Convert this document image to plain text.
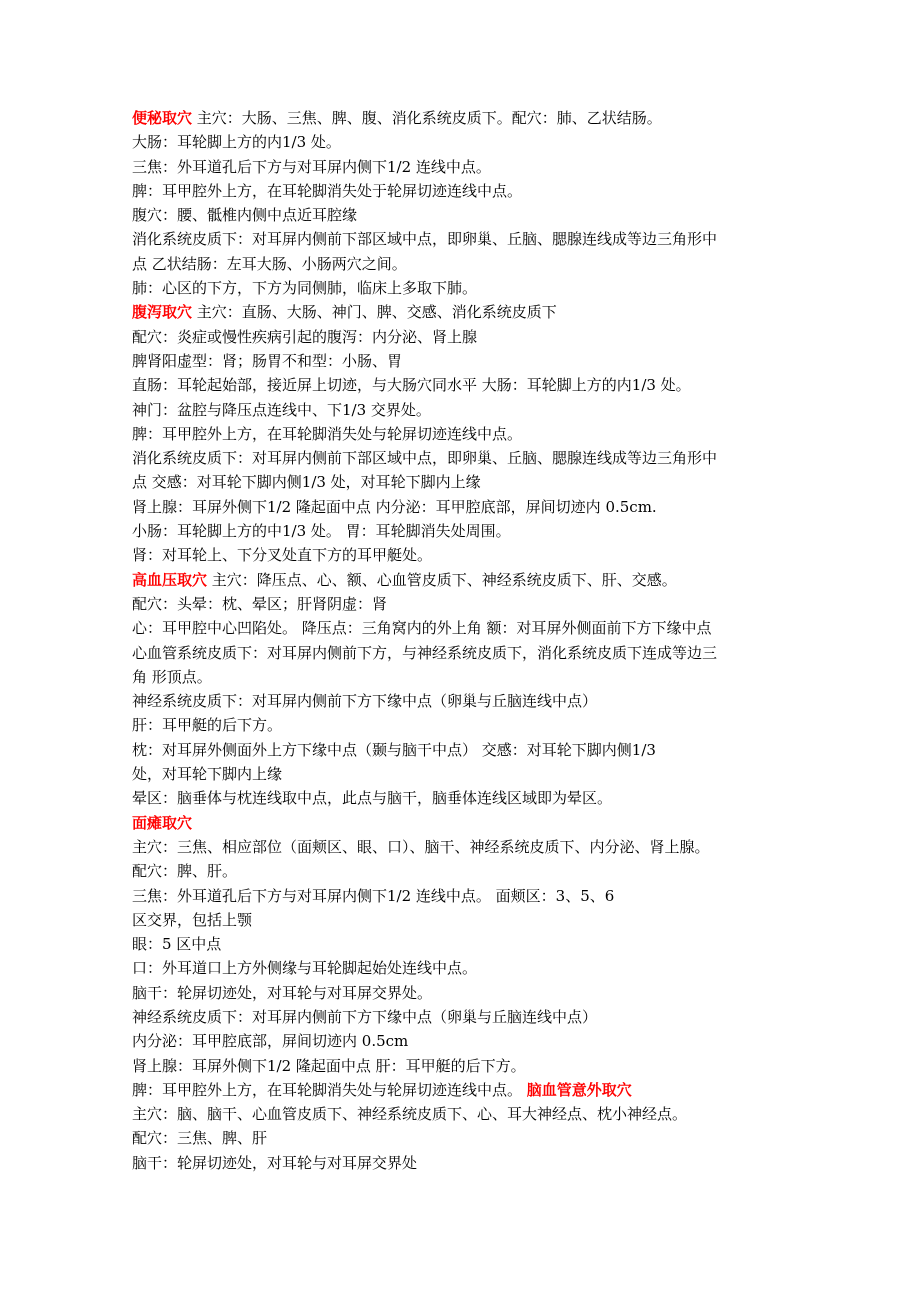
便秘取穴 主穴：大肠、三焦、脾、腹、消化系统皮质下。配穴：肺、乙状结肠。
大肠：耳轮脚上方的内1/3 处。
三焦：外耳道孔后下方与对耳屏内侧下1/2 连线中点。
脾：耳甲腔外上方，在耳轮脚消失处于轮屏切迹连线中点。
腹穴：腰、骶椎内侧中点近耳腔缘
消化系统皮质下：对耳屏内侧前下部区域中点，即卵巢、丘脑、腮腺连线成等边三角形中
点 乙状结肠：左耳大肠、小肠两穴之间。
肺：心区的下方，下方为同侧肺，临床上多取下肺。
腹泻取穴 主穴：直肠、大肠、神门、脾、交感、消化系统皮质下
配穴：炎症或慢性疾病引起的腹泻：内分泌、肾上腺
脾肾阳虚型：肾；肠胃不和型：小肠、胃
直肠：耳轮起始部，接近屏上切迹，与大肠穴同水平 大肠：耳轮脚上方的内1/3 处。
神门：盆腔与降压点连线中、下1/3 交界处。
脾：耳甲腔外上方，在耳轮脚消失处与轮屏切迹连线中点。
消化系统皮质下：对耳屏内侧前下部区域中点，即卵巢、丘脑、腮腺连线成等边三角形中
点 交感：对耳轮下脚内侧1/3 处，对耳轮下脚内上缘
肾上腺：耳屏外侧下1/2 隆起面中点 内分泌：耳甲腔底部，屏间切迹内 0.5cm.
小肠：耳轮脚上方的中1/3 处。 胃：耳轮脚消失处周围。
肾：对耳轮上、下分叉处直下方的耳甲艇处。
高血压取穴 主穴：降压点、心、额、心血管皮质下、神经系统皮质下、肝、交感。
配穴：头晕：枕、晕区；肝肾阴虚：肾
心：耳甲腔中心凹陷处。 降压点：三角窝内的外上角 额：对耳屏外侧面前下方下缘中点
心血管系统皮质下：对耳屏内侧前下方，与神经系统皮质下，消化系统皮质下连成等边三
角 形顶点。
神经系统皮质下：对耳屏内侧前下方下缘中点（卵巢与丘脑连线中点）
肝：耳甲艇的后下方。
枕：对耳屏外侧面外上方下缘中点（颞与脑干中点） 交感：对耳轮下脚内侧1/3
处，对耳轮下脚内上缘
晕区：脑垂体与枕连线取中点，此点与脑干，脑垂体连线区域即为晕区。
面瘫取穴
主穴：三焦、相应部位（面颊区、眼、口）、脑干、神经系统皮质下、内分泌、肾上腺。
配穴：脾、肝。
三焦：外耳道孔后下方与对耳屏内侧下1/2 连线中点。 面颊区：3、5、6
区交界，包括上颚
眼：5 区中点
口：外耳道口上方外侧缘与耳轮脚起始处连线中点。
脑干：轮屏切迹处，对耳轮与对耳屏交界处。
神经系统皮质下：对耳屏内侧前下方下缘中点（卵巢与丘脑连线中点）
内分泌：耳甲腔底部，屏间切迹内 0.5cm
肾上腺：耳屏外侧下1/2 隆起面中点 肝：耳甲艇的后下方。
脾：耳甲腔外上方，在耳轮脚消失处与轮屏切迹连线中点。 脑血管意外取穴
主穴：脑、脑干、心血管皮质下、神经系统皮质下、心、耳大神经点、枕小神经点。
配穴：三焦、脾、肝
脑干：轮屏切迹处，对耳轮与对耳屏交界处
